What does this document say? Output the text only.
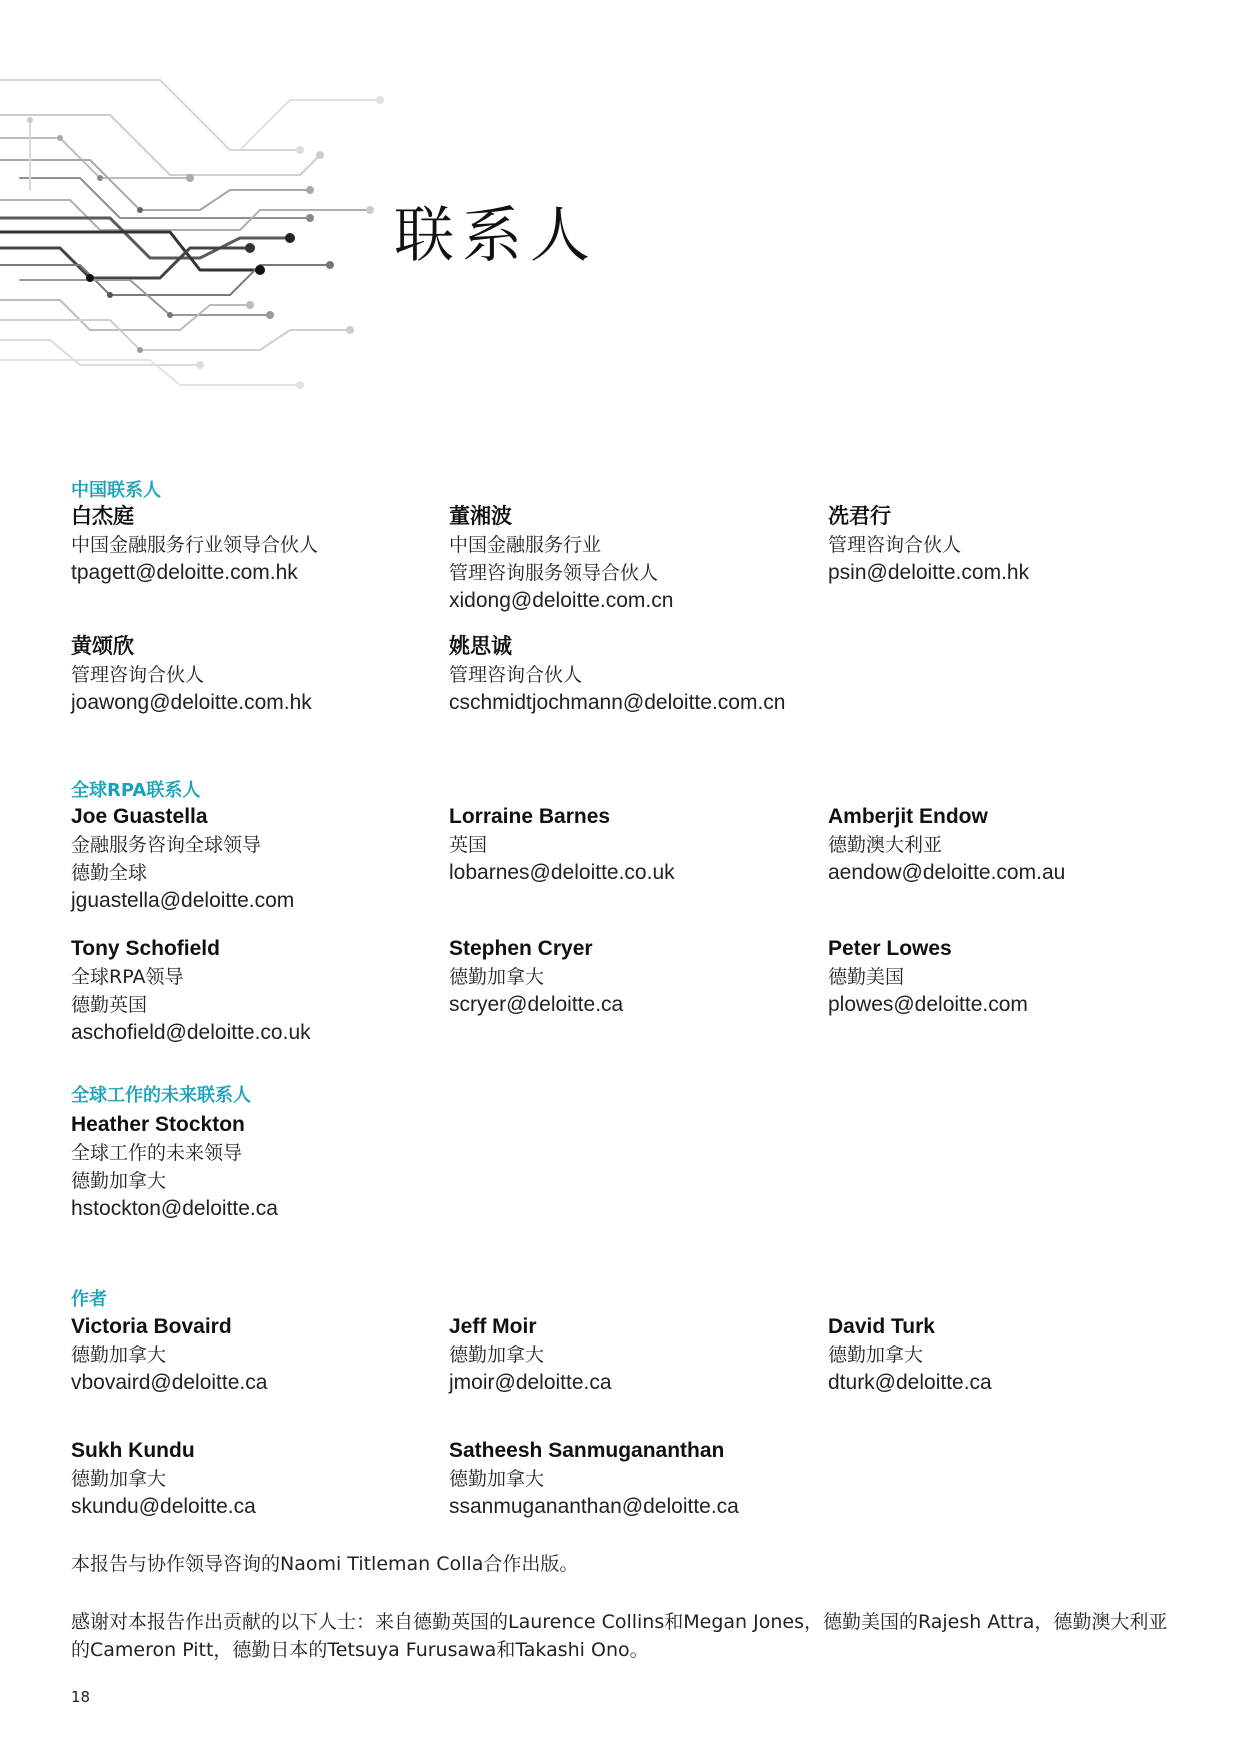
联系人
中国联系人
白杰庭
中国金融服务行业领导合伙人
tpagett@deloitte.com.hk
董湘波
中国金融服务行业
管理咨询服务领导合伙人
xidong@deloitte.com.cn
冼君行
管理咨询合伙人
psin@deloitte.com.hk
黄颂欣
管理咨询合伙人
joawong@deloitte.com.hk
姚思诚
管理咨询合伙人
cschmidtjochmann@deloitte.com.cn
全球RPA联系人
Joe Guastella
金融服务咨询全球领导
德勤全球
jguastella@deloitte.com
Lorraine Barnes
英国
lobarnes@deloitte.co.uk
Amberjit Endow
德勤澳大利亚
aendow@deloitte.com.au
Tony Schofield
全球RPA领导
德勤英国
aschofield@deloitte.co.uk
Stephen Cryer
德勤加拿大
scryer@deloitte.ca
Peter Lowes
德勤美国
plowes@deloitte.com
全球工作的未来联系人
Heather Stockton
全球工作的未来领导
德勤加拿大
hstockton@deloitte.ca
作者
Victoria Bovaird
德勤加拿大
vbovaird@deloitte.ca
Jeff Moir
德勤加拿大
jmoir@deloitte.ca
David Turk
德勤加拿大
dturk@deloitte.ca
Sukh Kundu
德勤加拿大
skundu@deloitte.ca
Satheesh Sanmugananthan
德勤加拿大
ssanmugananthan@deloitte.ca

本报告与协作领导咨询的Naomi Titleman Colla合作出版。

感谢对本报告作出贡献的以下人士：来自德勤英国的Laurence Collins和Megan Jones，德勤美国的Rajesh Attra，德勤澳大利亚的Cameron Pitt，德勤日本的Tetsuya Furusawa和Takashi Ono。

18
